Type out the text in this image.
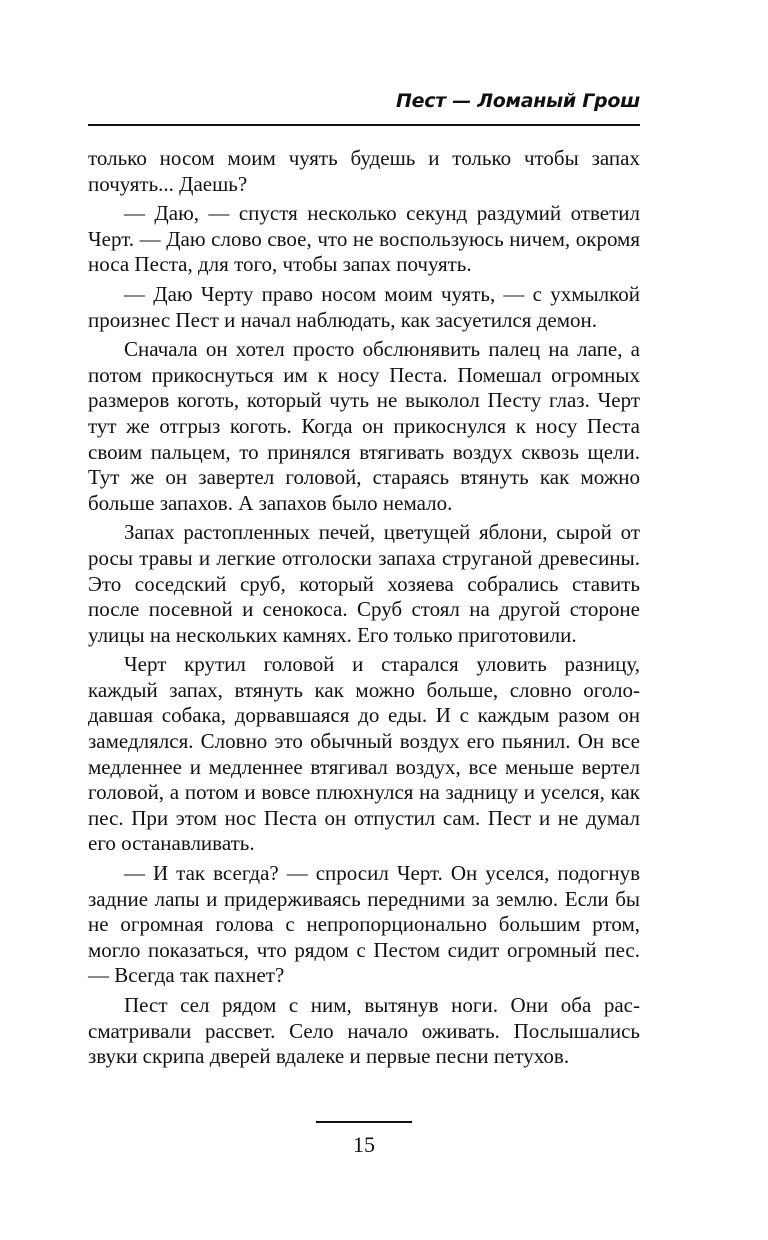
Пест — Ломаный Грош

только носом моим чуять будешь и только чтобы запах почуять... Даешь?

— Даю, — спустя несколько секунд раздумий ответил Черт. — Даю слово свое, что не воспользуюсь ничем, окромя носа Песта, для того, чтобы запах почуять.

— Даю Черту право носом моим чуять, — с ухмылкой произнес Пест и начал наблюдать, как засуетился демон.

Сначала он хотел просто обслюнявить палец на лапе, а потом прикоснуться им к носу Песта. Помешал огромных размеров коготь, который чуть не выколол Песту глаз. Черт тут же отгрыз коготь. Когда он прикоснулся к носу Песта своим пальцем, то принялся втягивать воздух сквозь щели. Тут же он завертел головой, стараясь втянуть как можно больше запахов. А запахов было немало.

Запах растопленных печей, цветущей яблони, сырой от росы травы и легкие отголоски запаха струганой древесины. Это соседский сруб, который хозяева собрались ставить после посевной и сенокоса. Сруб стоял на другой стороне улицы на нескольких камнях. Его только приготовили.

Черт крутил головой и старался уловить разницу, каждый запах, втянуть как можно больше, словно оголодавшая собака, дорвавшаяся до еды. И с каждым разом он замедлялся. Словно это обычный воздух его пьянил. Он все медленнее и медленнее втягивал воздух, все меньше вертел головой, а потом и вовсе плюхнулся на задницу и уселся, как пес. При этом нос Песта он отпустил сам. Пест и не думал его останавливать.

— И так всегда? — спросил Черт. Он уселся, подогнув задние лапы и придерживаясь передними за землю. Если бы не огромная голова с непропорционально большим ртом, могло показаться, что рядом с Пестом сидит огромный пес. — Всегда так пахнет?

Пест сел рядом с ним, вытянув ноги. Они оба рассматривали рассвет. Село начало оживать. Послышались звуки скрипа дверей вдалеке и первые песни петухов.

15
